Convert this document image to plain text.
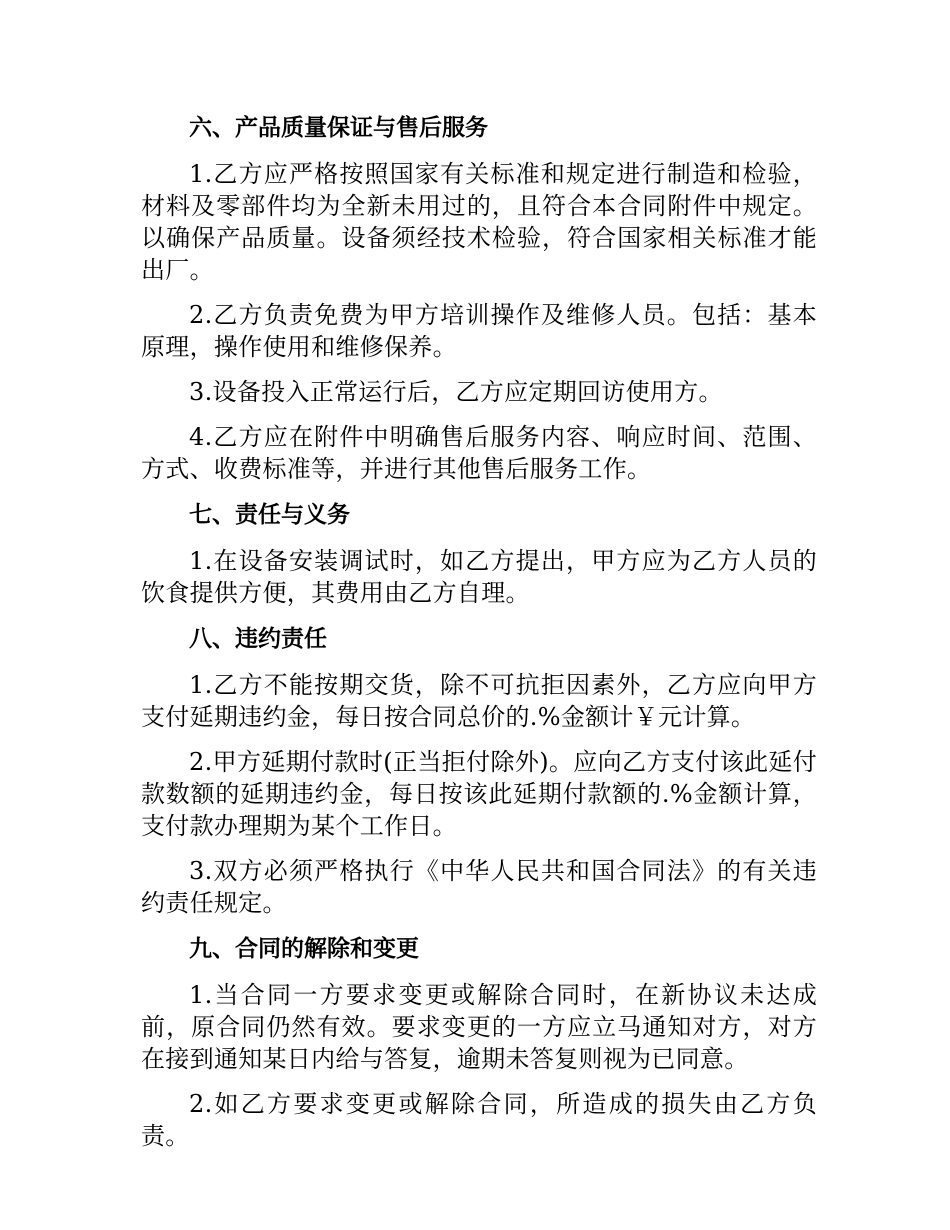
六、产品质量保证与售后服务

1.乙方应严格按照国家有关标准和规定进行制造和检验，材料及零部件均为全新未用过的，且符合本合同附件中规定。以确保产品质量。设备须经技术检验，符合国家相关标准才能出厂。

2.乙方负责免费为甲方培训操作及维修人员。包括：基本原理，操作使用和维修保养。

3.设备投入正常运行后，乙方应定期回访使用方。

4.乙方应在附件中明确售后服务内容、响应时间、范围、方式、收费标准等，并进行其他售后服务工作。

七、责任与义务

1.在设备安装调试时，如乙方提出，甲方应为乙方人员的饮食提供方便，其费用由乙方自理。

八、违约责任

1.乙方不能按期交货，除不可抗拒因素外，乙方应向甲方支付延期违约金，每日按合同总价的.%金额计￥元计算。

2.甲方延期付款时(正当拒付除外)。应向乙方支付该此延付款数额的延期违约金，每日按该此延期付款额的.%金额计算，支付款办理期为某个工作日。

3.双方必须严格执行《中华人民共和国合同法》的有关违约责任规定。

九、合同的解除和变更

1.当合同一方要求变更或解除合同时，在新协议未达成前，原合同仍然有效。要求变更的一方应立马通知对方，对方在接到通知某日内给与答复，逾期未答复则视为已同意。

2.如乙方要求变更或解除合同，所造成的损失由乙方负责。
